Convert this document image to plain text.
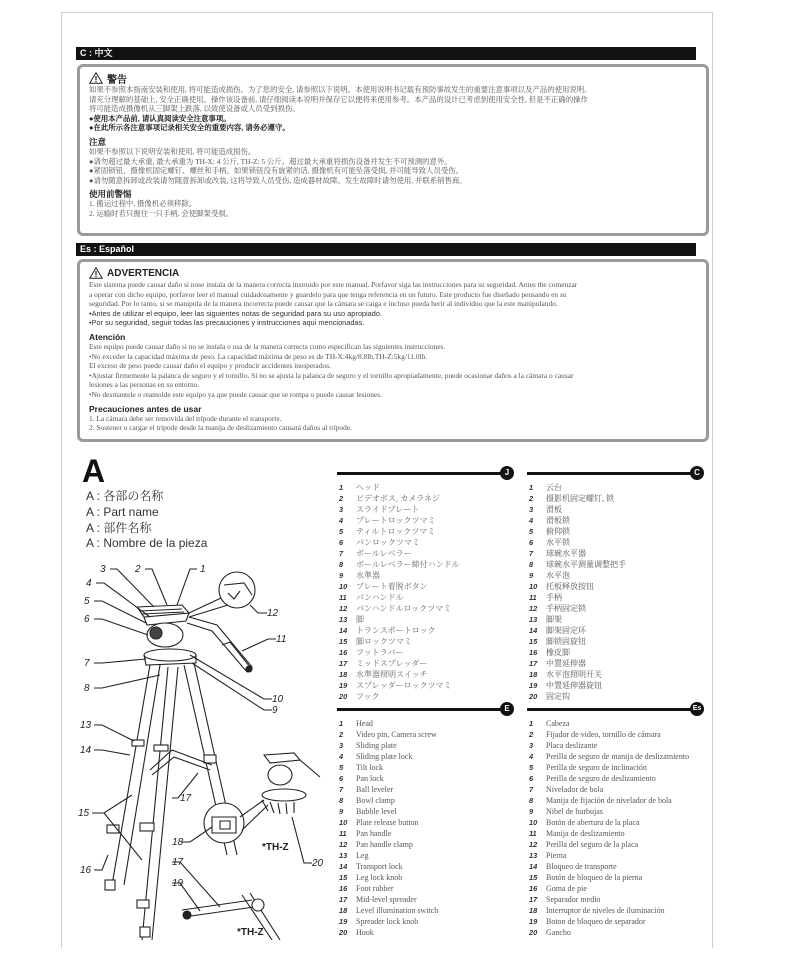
C : 中文
警告
如果不参照本指南安装和使用, 将可能造成损伤。为了您的安全, 请参照以下说明。本使用说明书记载有预防事故发生的重要注意事项以及产品的使用说明。
请充分理解的基础上, 安全正确使用。操作该设备前, 请仔细阅读本说明并保存它以便将来使用参考。本产品的设计已考虑到使用安全性, 但是不正确的操作
将可能造成摄像机从三脚架上跌落, 以致使设备或人员受到损伤。
●使用本产品前, 请认真阅读安全注意事项。
●在此所示各注意事项记录相关安全的重要内容, 请务必遵守。
注意
如果不参照以下说明安装和使用, 将可能造成损伤。
●请勿超过最大承重, 最大承重为 TH-X: 4 公斤, TH-Z: 5 公斤。超过最大承重将损伤设备并发生不可预测的意外。
●紧固锁钮、摄像机固定螺钉、螺丝和手柄。如果锁钮没有旋紧的话, 摄像机有可能坠落受损, 并可能导致人员受伤。
●请勿随意拆卸或改装请勿随意拆卸或改装, 这将导致人员受伤, 造成器材故障。发生故障时请勿使用, 并联系销售商。
使用前警惕
1. 搬运过程中, 摄像机必须移除。
2. 运输时若只握住一只手柄, 会使脚架受损。
Es : Español
ADVERTENCIA
Este sistema puede causar daño si nose instala de la manera correcta instruido por este manual. Porfavor siga las instrucciones para su seguridad. Antes the comenzar
a operar con dicho equipo, porfavor leer el manual cuidadosamente y guardelo para que tenga referencia en un futuro. Este producto fue diseñado pensando en su
seguridad. Por lo tanto, si se manipula de la manera incorrecta puede causar que la cámara se caiga e incluso pueda herir al individuo que la este manipulando.
•Antes de utilizar el equipo, leer las siguientes notas de seguridad para su uso apropiado.
•Por su seguridad, seguir todas las precauciones y instrucciones aqui mencionadas.
Atención
Este equipo puede causar daño si no se instala o usa de la manera correcta como especifican las siguientes instrucciones.
•No exceder la capacidad máxima de peso. La capacidad máxima de peso es de TH-X:4kg/8.8lb,TH-Z:5kg/11.0lb.
El exceso de peso puede causar daño el equipo y producir accidentes inesperados.
•Ajustar firmemente la palanca de seguro y el tornillo. Si no se ajusta la palanca de seguro y el tornillo apropiadamente, puede ocasionar daños a la cámara o causar
lesiones a las personas en su entorno.
•No desmantele o reamolde este equipo ya que puede causar que se rompa o puede causar lesiones.
Precauciones antes de usar
1. La cámara debe ser removida del trípode durante el transporte.
2. Sostener o cargar el trípode desde la manija de deslizamiento causará daños al trípode.
A
A : 各部の名称
A : Part name
A : 部件名称
A : Nombre de la pieza
1
2
3
4
5
6
7
8
9
10
11
12
13
14
15
16
17
17
18
19
20
*TH-Z
*TH-Z
J
1	ヘッド
2	ビデオボス, カメラネジ
3	スライドプレート
4	プレートロックツマミ
5	ティルトロックツマミ
6	パンロックツマミ
7	ボールレベラー
8	ボールレベラー締付ハンドル
9	水準器
10	プレート着脱ボタン
11	パンハンドル
12	パンハンドルロックツマミ
13	脚
14	トランスポートロック
15	脚ロックツマミ
16	フットラバー
17	ミッドスプレッダー
18	水準器照明スイッチ
19	スプレッダーロックツマミ
20	フック
C
1	云台
2	摄影机固定螺钉, 锁
3	滑板
4	滑板锁
5	俯仰锁
6	水平锁
7	球碗水平器
8	球碗水平测量调整把手
9	水平泡
10	托板释放按钮
11	手柄
12	手柄固定锁
13	脚架
14	脚架固定环
15	脚锁固旋钮
16	橡皮脚
17	中置延伸器
18	水平泡照明开关
19	中置延伸器旋钮
20	固定钩
E
1	Head
2	Video pin, Camera screw
3	Sliding plate
4	Sliding plate lock
5	Tilt lock
6	Pan lock
7	Ball leveler
8	Bowl clamp
9	Bubble level
10	Plate release button
11	Pan handle
12	Pan handle clamp
13	Leg
14	Transport lock
15	Leg lock knob
16	Foot rubber
17	Mid-level spreader
18	Level illumination switch
19	Spreader lock knob
20	Hook
Es
1	Cabeza
2	Fijador de video, tornillo de cámara
3	Placa deslizante
4	Perilla de seguro de manija de deslizamiento
5	Perilla de seguro de inclinación
6	Perilla de seguro de deslizamiento
7	Nivelador de bola
8	Manija de fijación de nivelador de bola
9	Nibel de burbujas
10	Botón de abertura de la placa
11	Manija de deslizamiento
12	Perilla del seguro de la placa
13	Pierna
14	Bloqueo de transporte
15	Botón de bloqueo de la pierna
16	Goma de pie
17	Separador medio
18	Interruptor de niveles de iluminación
19	Boton de bloqueo de separador
20	Gancho
